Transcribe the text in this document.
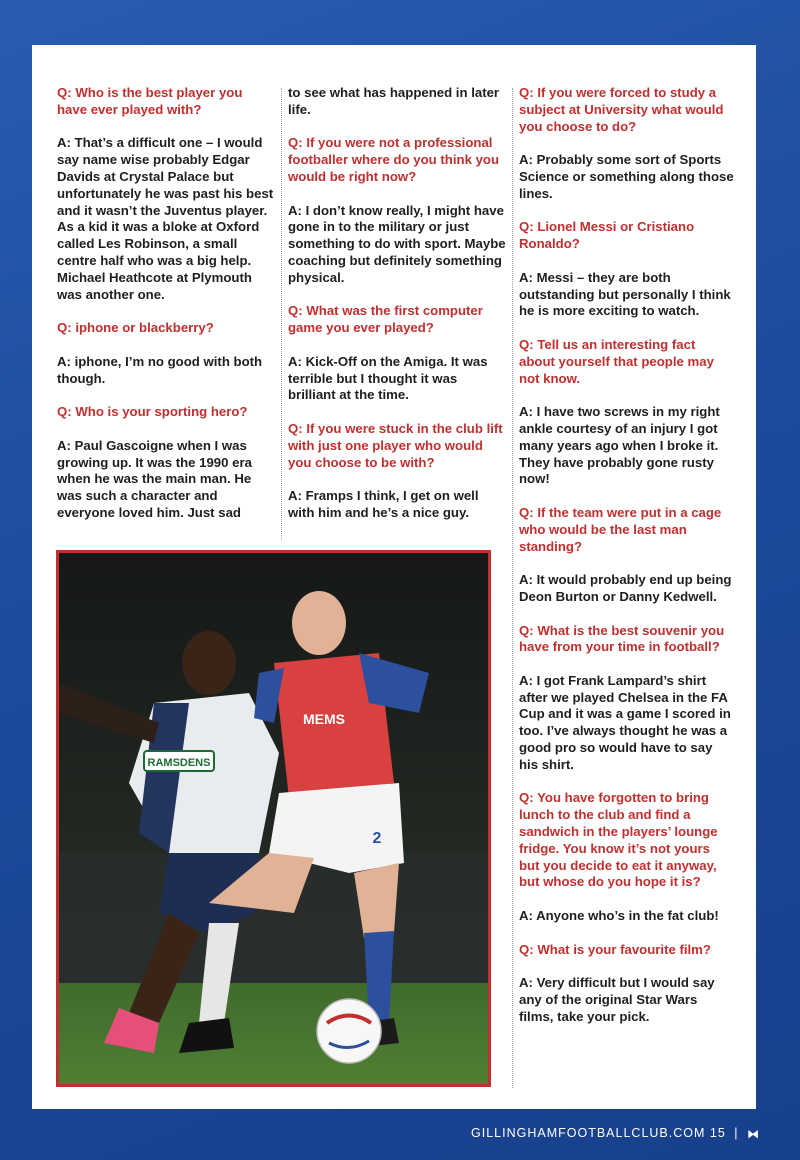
Q: Who is the best player you have ever played with?
A: That’s a difficult one – I would say name wise probably Edgar Davids at Crystal Palace but unfortunately he was past his best and it wasn’t the Juventus player.
As a kid it was a bloke at Oxford called Les Robinson, a small centre half who was a big help. Michael Heathcote at Plymouth was another one.
Q: iphone or blackberry?
A: iphone, I’m no good with both though.
Q: Who is your sporting hero?
A: Paul Gascoigne when I was growing up. It was the 1990 era when he was the main man. He was such a character and everyone loved him. Just sad
to see what has happened in later life.
Q: If you were not a professional footballer where do you think you would be right now?
A: I don’t know really, I might have gone in to the military or just something to do with sport. Maybe coaching but definitely something physical.
Q: What was the first computer game you ever played?
A: Kick-Off on the Amiga. It was terrible but I thought it was brilliant at the time.
Q: If you were stuck in the club lift with just one player who would you choose to be with?
A: Framps I think, I get on well with him and he’s a nice guy.
Q: If you were forced to study a subject at University what would you choose to do?
A: Probably some sort of Sports Science or something along those lines.
Q: Lionel Messi or Cristiano Ronaldo?
A: Messi – they are both outstanding but personally I think he is more exciting to watch.
Q: Tell us an interesting fact about yourself that people may not know.
A: I have two screws in my right ankle courtesy of an injury I got many years ago when I broke it. They have probably gone rusty now!
Q: If the team were put in a cage who would be the last man standing?
A: It would probably end up being Deon Burton or Danny Kedwell.
Q: What is the best souvenir you have from your time in football?
A: I got Frank Lampard’s shirt after we played Chelsea in the FA Cup and it was a game I scored in too. I’ve always thought he was a good pro so would have to say his shirt.
Q: You have forgotten to bring lunch to the club and find a sandwich in the players’ lounge fridge. You know it’s not yours but you decide to eat it anyway, but whose do you hope it is?
A: Anyone who’s in the fat club!
Q: What is your favourite film?
A: Very difficult but I would say any of the original Star Wars films, take your pick.
RAMSDENS
MEMS
2
GILLINGHAMFOOTBALLCLUB.COM 15 | ⧓
